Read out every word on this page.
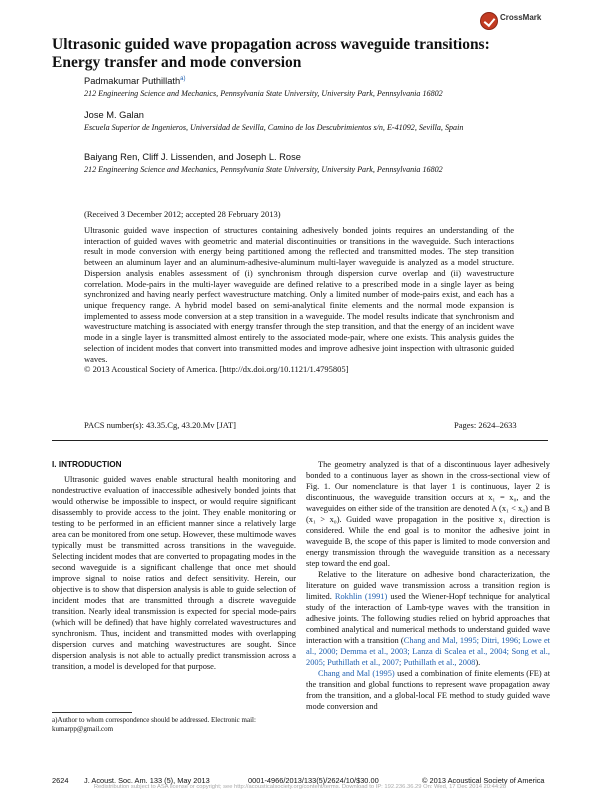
CrossMark
Ultrasonic guided wave propagation across waveguide transitions: Energy transfer and mode conversion
Padmakumar Puthillath$^{a)}$
212 Engineering Science and Mechanics, Pennsylvania State University, University Park, Pennsylvania 16802
Jose M. Galan
Escuela Superior de Ingenieros, Universidad de Sevilla, Camino de los Descubrimientos s/n, E-41092, Sevilla, Spain
Baiyang Ren, Cliff J. Lissenden, and Joseph L. Rose
212 Engineering Science and Mechanics, Pennsylvania State University, University Park, Pennsylvania 16802
(Received 3 December 2012; accepted 28 February 2013)
Ultrasonic guided wave inspection of structures containing adhesively bonded joints requires an understanding of the interaction of guided waves with geometric and material discontinuities or transitions in the waveguide. Such interactions result in mode conversion with energy being partitioned among the reflected and transmitted modes. The step transition between an aluminum layer and an aluminum-adhesive-aluminum multi-layer waveguide is analyzed as a model structure. Dispersion analysis enables assessment of (i) synchronism through dispersion curve overlap and (ii) wavestructure correlation. Mode-pairs in the multi-layer waveguide are defined relative to a prescribed mode in a single layer as being synchronized and having nearly perfect wavestructure matching. Only a limited number of mode-pairs exist, and each has a unique frequency range. A hybrid model based on semi-analytical finite elements and the normal mode expansion is implemented to assess mode conversion at a step transition in a waveguide. The model results indicate that synchronism and wavestructure matching is associated with energy transfer through the step transition, and that the energy of an incident wave mode in a single layer is transmitted almost entirely to the associated mode-pair, where one exists. This analysis guides the selection of incident modes that convert into transmitted modes and improve adhesive joint inspection with ultrasonic guided waves.
© 2013 Acoustical Society of America. [http://dx.doi.org/10.1121/1.4795805]
PACS number(s): 43.35.Cg, 43.20.Mv [JAT]	Pages: 2624–2633
I. INTRODUCTION

Ultrasonic guided waves enable structural health monitoring and nondestructive evaluation of inaccessible adhesively bonded joints that would otherwise be impossible to inspect, or would require significant disassembly to provide access to the joint. They enable monitoring or testing to be performed in an efficient manner since a relatively large area can be monitored from one setup. However, these multimode waves typically must be transmitted across transitions in the waveguide. Selecting incident modes that are converted to propagating modes in the second waveguide is a significant challenge that once met should improve signal to noise ratios and defect sensitivity. Herein, our objective is to show that dispersion analysis is able to guide selection of incident modes that are transmitted through a discrete waveguide transition. Nearly ideal transmission is expected for special mode-pairs (which will be defined) that have highly correlated wavestructures and synchronism. Thus, incident and transmitted modes with overlapping dispersion curves and matching wavestructures are sought. Since dispersion analysis is not able to actually predict transmission across a transition, a model is developed for that purpose.

The geometry analyzed is that of a discontinuous layer adhesively bonded to a continuous layer as shown in the cross-sectional view of Fig. 1. Our nomenclature is that layer 1 is continuous, layer 2 is discontinuous, the waveguide transition occurs at x₁ = x₀, and the waveguides on either side of the transition are denoted A (x₁ < x₀) and B (x₁ > x₀). Guided wave propagation in the positive x₁ direction is considered. While the end goal is to monitor the adhesive joint in waveguide B, the scope of this paper is limited to mode conversion and energy transmission through the waveguide transition as a necessary step toward the end goal.

Relative to the literature on adhesive bond characterization, the literature on guided wave transmission across a transition region is limited. Rokhlin (1991) used the Wiener-Hopf technique for analytical study of the interaction of Lamb-type waves with the transition in adhesive joints. The following studies relied on hybrid approaches that combined analytical and numerical methods to understand guided wave interaction with a transition (Chang and Mal, 1995; Ditri, 1996; Lowe et al., 2000; Demma et al., 2003; Lanza di Scalea et al., 2004; Song et al., 2005; Puthillath et al., 2007; Puthillath et al., 2008).

Chang and Mal (1995) used a combination of finite elements (FE) at the transition and global functions to represent wave propagation away from the transition, and a global-local FE method to study guided wave mode conversion and

a)Author to whom correspondence should be addressed. Electronic mail: kumarpp@gmail.com
2624 J. Acoust. Soc. Am. 133 (5), May 2013	0001-4966/2013/133(5)/2624/10/$30.00	© 2013 Acoustical Society of America
Redistribution subject to ASA license or copyright; see http://acousticalsociety.org/content/terms. Download to IP: 192.236.36.29 On: Wed, 17 Dec 2014 20:44:28
